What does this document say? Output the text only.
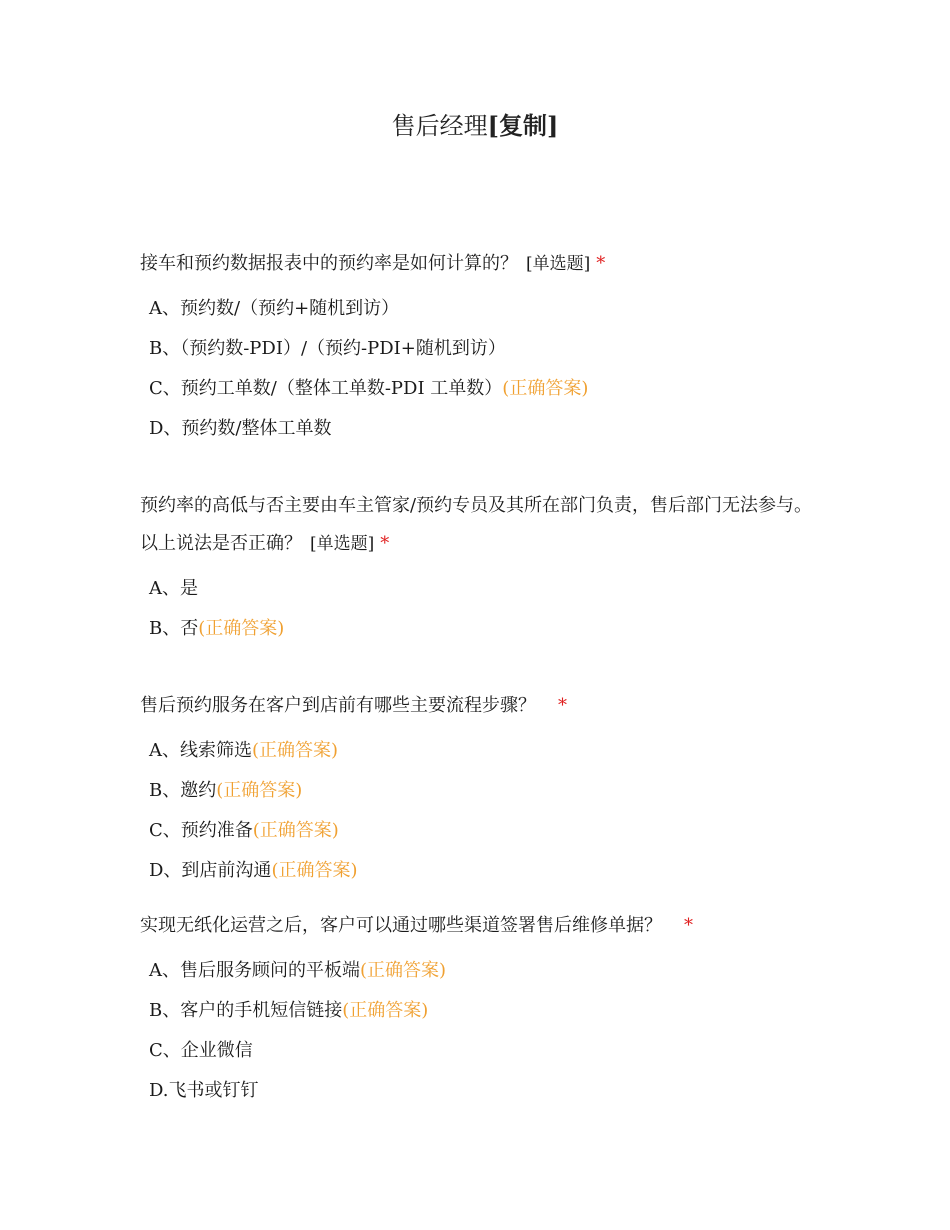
售后经理[复制]
接车和预约数据报表中的预约率是如何计算的？ [单选题] *
A、预约数/（预约+随机到访）
B、（预约数-PDI）/（预约-PDI+随机到访）
C、预约工单数/（整体工单数-PDI 工单数）(正确答案)
D、预约数/整体工单数
预约率的高低与否主要由车主管家/预约专员及其所在部门负责，售后部门无法参与。以上说法是否正确？ [单选题] *
A、是
B、否(正确答案)
售后预约服务在客户到店前有哪些主要流程步骤？ *
A、线索筛选(正确答案)
B、邀约(正确答案)
C、预约准备(正确答案)
D、到店前沟通(正确答案)
实现无纸化运营之后，客户可以通过哪些渠道签署售后维修单据？ *
A、售后服务顾问的平板端(正确答案)
B、客户的手机短信链接(正确答案)
C、企业微信
D.飞书或钉钉
